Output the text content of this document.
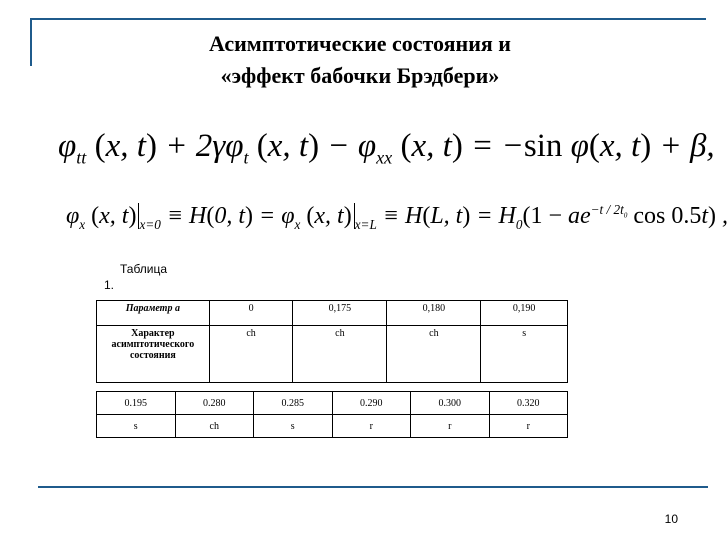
Асимптотические состояния и
«эффект бабочки Брэдбери»
$\varphi_{tt}$ (x, $t) + 2\gamma\varphi_t$ (x, $t) - \varphi_{xx}$ (x, t) = −sin φ(x, t) + β,
$\varphi_x$ (x, t) $_{x=0}$ ≡ H(0, $t) = \varphi_x$ (x, t) $_{x=L}$ ≡ H(L, $t) = H_0(1 - ae^{-t / 2t_0}$ cos 0.5t) ,
Таблица
1.
Параметр a	0	0,175	0,180	0,190
Характер асимптотического состояния	ch	ch	ch	s
0.195	0.280	0.285	0.290	0.300	0.320
s	ch	s	r	r	r
10
